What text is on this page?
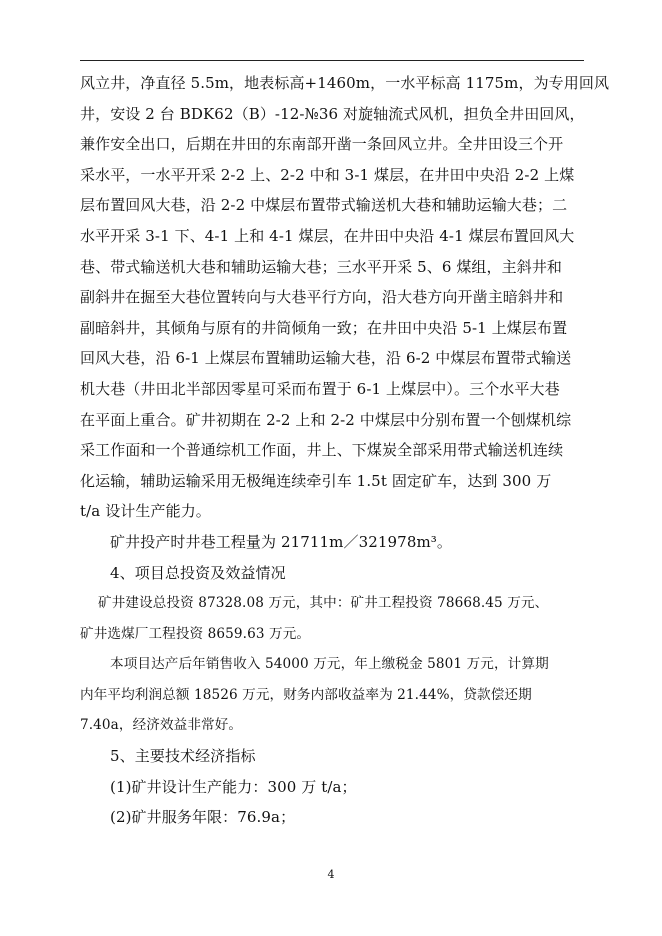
风立井，净直径 5.5m，地表标高+1460m，一水平标高 1175m，为专用回风
井，安设 2 台 BDK62（B）-12-№36 对旋轴流式风机，担负全井田回风，
兼作安全出口，后期在井田的东南部开凿一条回风立井。全井田设三个开
采水平，一水平开采 2-2 上、2-2 中和 3-1 煤层，在井田中央沿 2-2 上煤
层布置回风大巷，沿 2-2 中煤层布置带式输送机大巷和辅助运输大巷；二
水平开采 3-1 下、4-1 上和 4-1 煤层，在井田中央沿 4-1 煤层布置回风大
巷、带式输送机大巷和辅助运输大巷；三水平开采 5、6 煤组，主斜井和
副斜井在掘至大巷位置转向与大巷平行方向，沿大巷方向开凿主暗斜井和
副暗斜井，其倾角与原有的井筒倾角一致；在井田中央沿 5-1 上煤层布置
回风大巷，沿 6-1 上煤层布置辅助运输大巷，沿 6-2 中煤层布置带式输送
机大巷（井田北半部因零星可采而布置于 6-1 上煤层中）。三个水平大巷
在平面上重合。矿井初期在 2-2 上和 2-2 中煤层中分别布置一个刨煤机综
采工作面和一个普通综机工作面，井上、下煤炭全部采用带式输送机连续
化运输，辅助运输采用无极绳连续牵引车 1.5t 固定矿车，达到 300 万
t/a 设计生产能力。
矿井投产时井巷工程量为 21711m／321978m³。
4、项目总投资及效益情况
矿井建设总投资 87328.08 万元，其中：矿井工程投资 78668.45 万元、
矿井选煤厂工程投资 8659.63 万元。
本项目达产后年销售收入 54000 万元，年上缴税金 5801 万元，计算期
内年平均利润总额 18526 万元，财务内部收益率为 21.44%，贷款偿还期
7.40a，经济效益非常好。
5、主要技术经济指标
(1)矿井设计生产能力：300 万 t/a；
(2)矿井服务年限：76.9a；
4
